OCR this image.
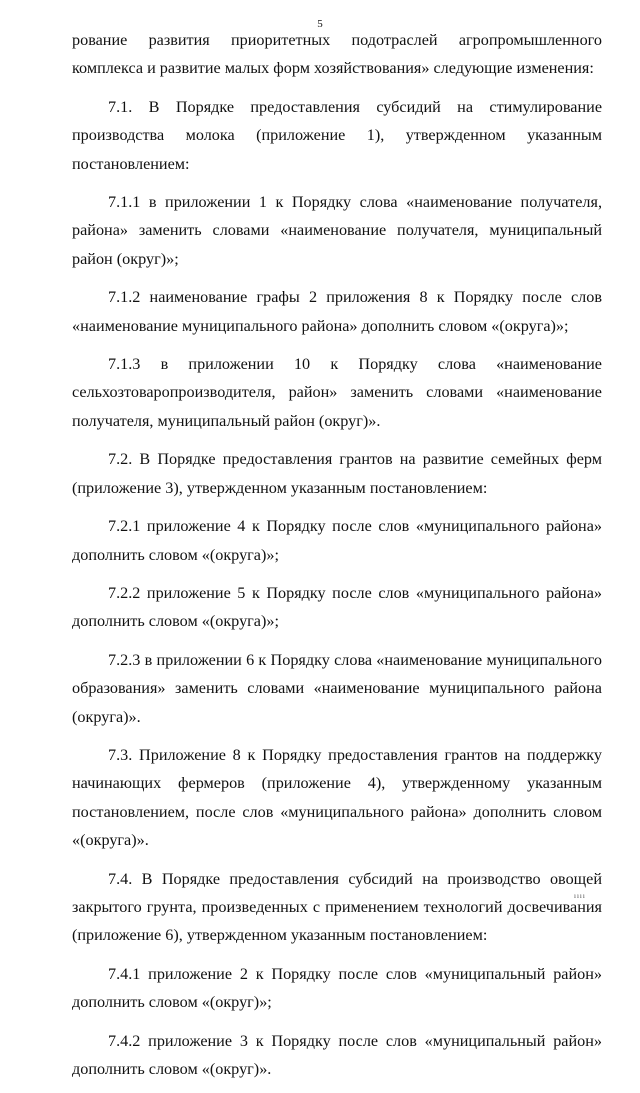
5

рование развития приоритетных подотраслей агропромышленного комплекса и развитие малых форм хозяйствования» следующие изменения:

7.1. В Порядке предоставления субсидий на стимулирование производства молока (приложение 1), утвержденном указанным постановлением:

7.1.1 в приложении 1 к Порядку слова «наименование получателя, района» заменить словами «наименование получателя, муниципальный район (округ)»;

7.1.2 наименование графы 2 приложения 8 к Порядку после слов «наименование муниципального района» дополнить словом «(округа)»;

7.1.3 в приложении 10 к Порядку слова «наименование сельхозтоваропроизводителя, район» заменить словами «наименование получателя, муниципальный район (округ)».

7.2. В Порядке предоставления грантов на развитие семейных ферм (приложение 3), утвержденном указанным постановлением:

7.2.1 приложение 4 к Порядку после слов «муниципального района» дополнить словом «(округа)»;

7.2.2 приложение 5 к Порядку после слов «муниципального района» дополнить словом «(округа)»;

7.2.3 в приложении 6 к Порядку слова «наименование муниципального образования» заменить словами «наименование муниципального района (округа)».

7.3. Приложение 8 к Порядку предоставления грантов на поддержку начинающих фермеров (приложение 4), утвержденному указанным постановлением, после слов «муниципального района» дополнить словом «(округа)».

7.4. В Порядке предоставления субсидий на производство овощей закрытого грунта, произведенных с применением технологий досвечивания (приложение 6), утвержденном указанным постановлением:

7.4.1 приложение 2 к Порядку после слов «муниципальный район» дополнить словом «(округ)»;

7.4.2 приложение 3 к Порядку после слов «муниципальный район» дополнить словом «(округ)».

ıııı
